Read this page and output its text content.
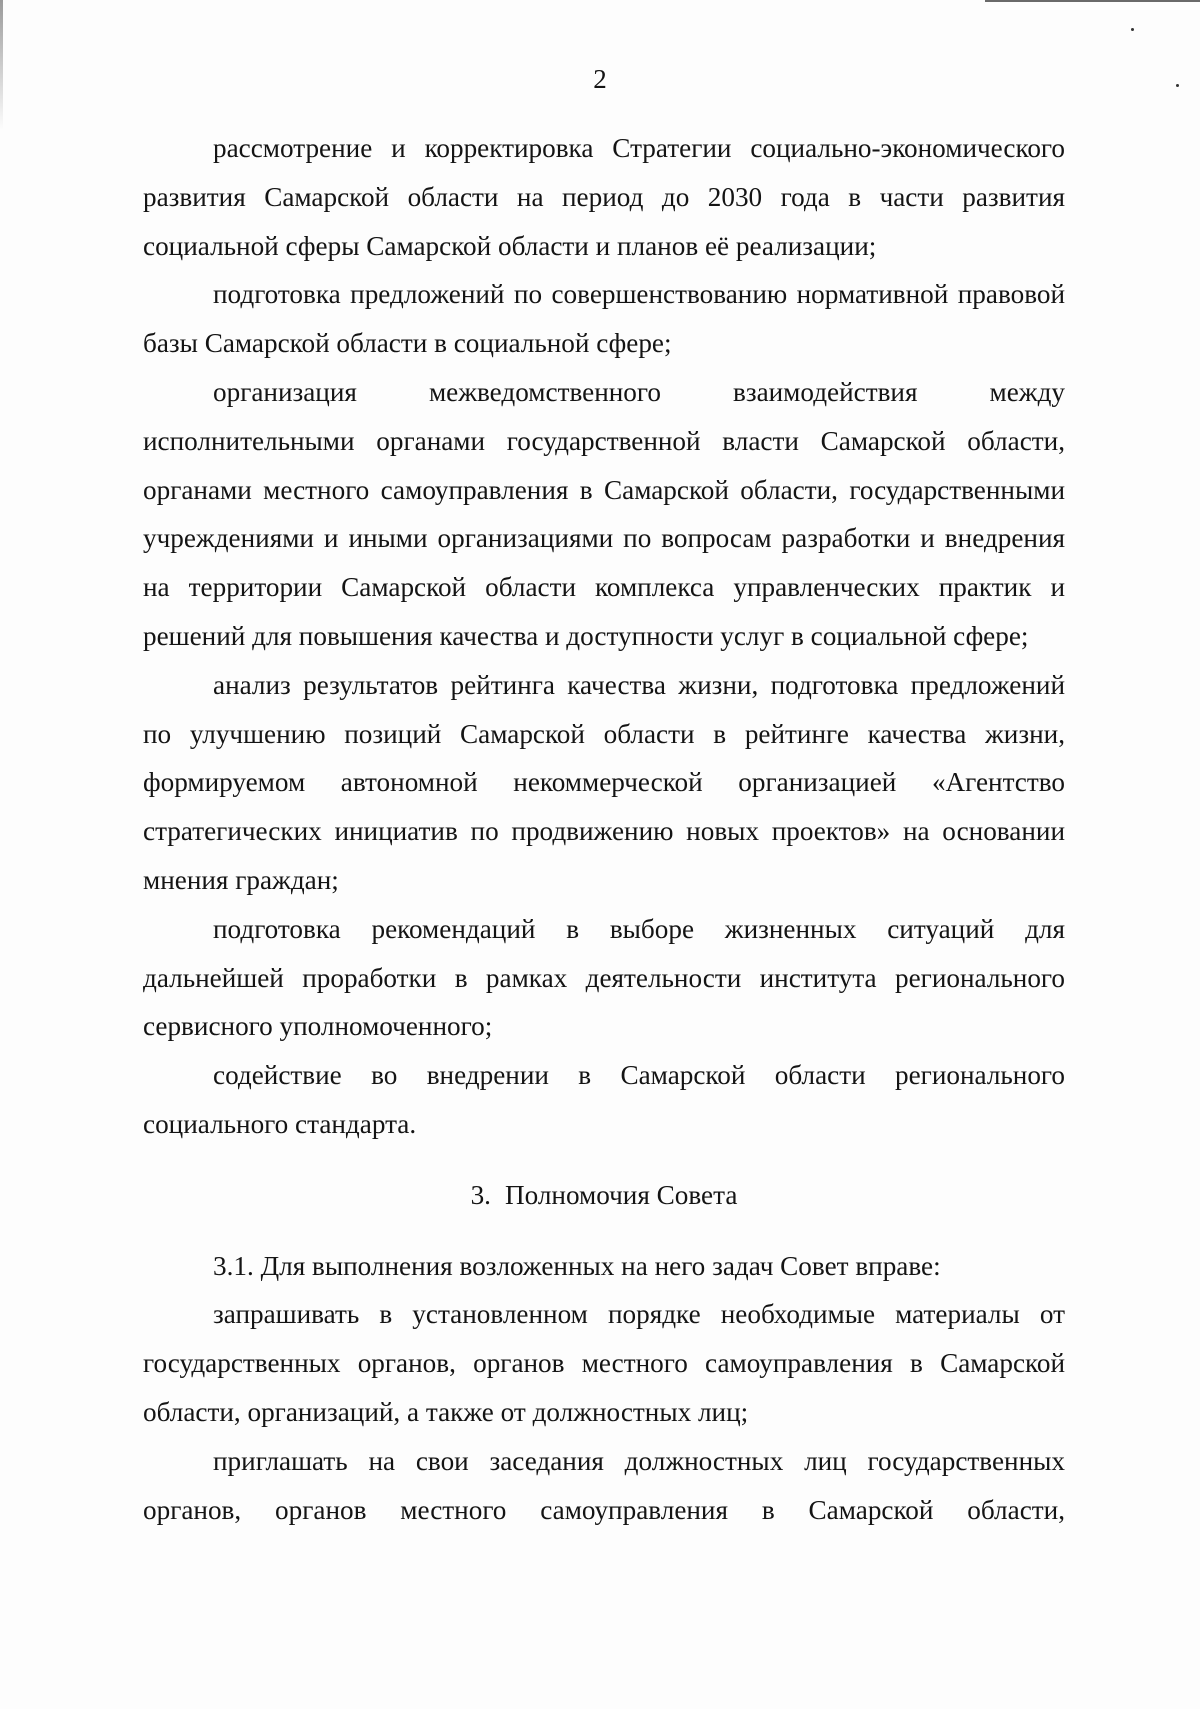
2

рассмотрение и корректировка Стратегии социально-экономического развития Самарской области на период до 2030 года в части развития социальной сферы Самарской области и планов её реализации;

подготовка предложений по совершенствованию нормативной правовой базы Самарской области в социальной сфере;

организация межведомственного взаимодействия между исполнительными органами государственной власти Самарской области, органами местного самоуправления в Самарской области, государственными учреждениями и иными организациями по вопросам разработки и внедрения на территории Самарской области комплекса управленческих практик и решений для повышения качества и доступности услуг в социальной сфере;

анализ результатов рейтинга качества жизни, подготовка предложений по улучшению позиций Самарской области в рейтинге качества жизни, формируемом автономной некоммерческой организацией «Агентство стратегических инициатив по продвижению новых проектов» на основании мнения граждан;

подготовка рекомендаций в выборе жизненных ситуаций для дальнейшей проработки в рамках деятельности института регионального сервисного уполномоченного;

содействие во внедрении в Самарской области регионального социального стандарта.

3. Полномочия Совета

3.1. Для выполнения возложенных на него задач Совет вправе:

запрашивать в установленном порядке необходимые материалы от государственных органов, органов местного самоуправления в Самарской области, организаций, а также от должностных лиц;

приглашать на свои заседания должностных лиц государственных органов, органов местного самоуправления в Самарской области,
